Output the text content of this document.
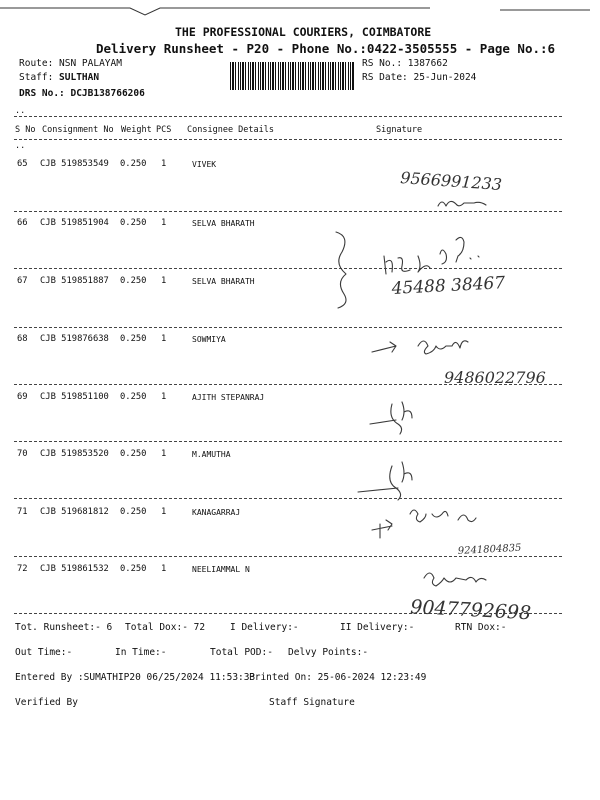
THE PROFESSIONAL COURIERS, COIMBATORE
Delivery Runsheet - P20 - Phone No.:0422-3505555 - Page No.:6
Route: NSN PALAYAM
Staff: SULTHAN
DRS No.: DCJB138766206
RS No.: 1387662
RS Date: 25-Jun-2024
..
S No Consignment No Weight PCS Consignee Details	Signature
..
65 CJB 519853549 0.250 1	VIVEK
66 CJB 519851904 0.250 1	SELVA BHARATH
67 CJB 519851887 0.250 1	SELVA BHARATH
68 CJB 519876638 0.250 1	SOWMIYA
69 CJB 519851100 0.250 1	AJITH STEPANRAJ
70 CJB 519853520 0.250 1	M.AMUTHA
71 CJB 519681812 0.250 1	KANAGARRAJ
72 CJB 519861532 0.250 1	NEELIAMMAL N
9566991233
45488 38467
9486022796
9241804835
9047792698
Tot. Runsheet:- 6 Total Dox:- 72	I Delivery:-	II Delivery:-	RTN Dox:-
Out Time:-	In Time:-	Total POD:- Delvy Points:-
Entered By :SUMATHIP20 06/25/2024 11:53:33
Printed On: 25-06-2024 12:23:49
Verified By	Staff Signature
